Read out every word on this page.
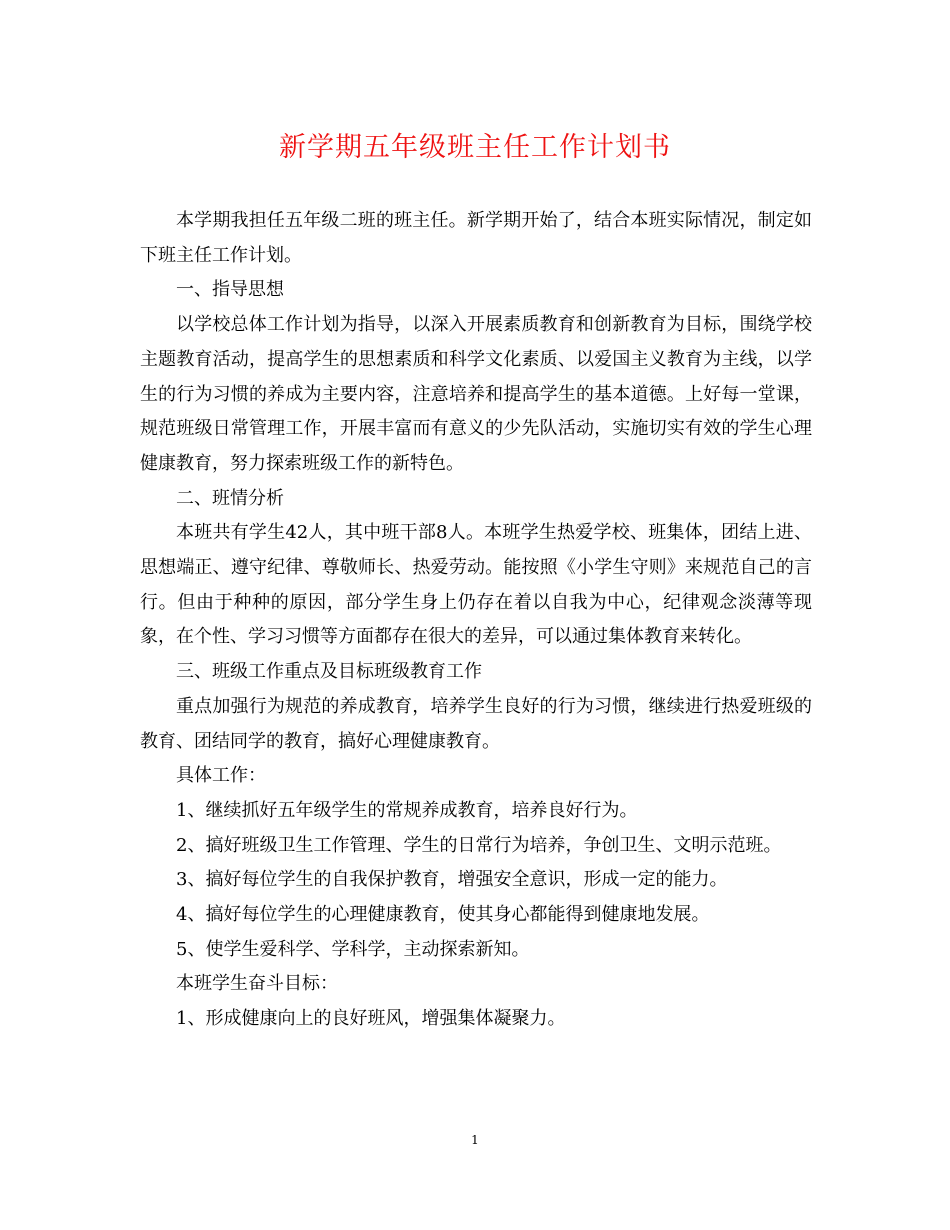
新学期五年级班主任工作计划书

本学期我担任五年级二班的班主任。新学期开始了，结合本班实际情况，制定如下班主任工作计划。

一、指导思想

以学校总体工作计划为指导，以深入开展素质教育和创新教育为目标，围绕学校主题教育活动，提高学生的思想素质和科学文化素质、以爱国主义教育为主线，以学生的行为习惯的养成为主要内容，注意培养和提高学生的基本道德。上好每一堂课，规范班级日常管理工作，开展丰富而有意义的少先队活动，实施切实有效的学生心理健康教育，努力探索班级工作的新特色。

二、班情分析

本班共有学生42人，其中班干部8人。本班学生热爱学校、班集体，团结上进、思想端正、遵守纪律、尊敬师长、热爱劳动。能按照《小学生守则》来规范自己的言行。但由于种种的原因，部分学生身上仍存在着以自我为中心，纪律观念淡薄等现象，在个性、学习习惯等方面都存在很大的差异，可以通过集体教育来转化。

三、班级工作重点及目标班级教育工作

重点加强行为规范的养成教育，培养学生良好的行为习惯，继续进行热爱班级的教育、团结同学的教育，搞好心理健康教育。

具体工作：

1、继续抓好五年级学生的常规养成教育，培养良好行为。

2、搞好班级卫生工作管理、学生的日常行为培养，争创卫生、文明示范班。

3、搞好每位学生的自我保护教育，增强安全意识，形成一定的能力。

4、搞好每位学生的心理健康教育，使其身心都能得到健康地发展。

5、使学生爱科学、学科学，主动探索新知。

本班学生奋斗目标：

1、形成健康向上的良好班风，增强集体凝聚力。

1
